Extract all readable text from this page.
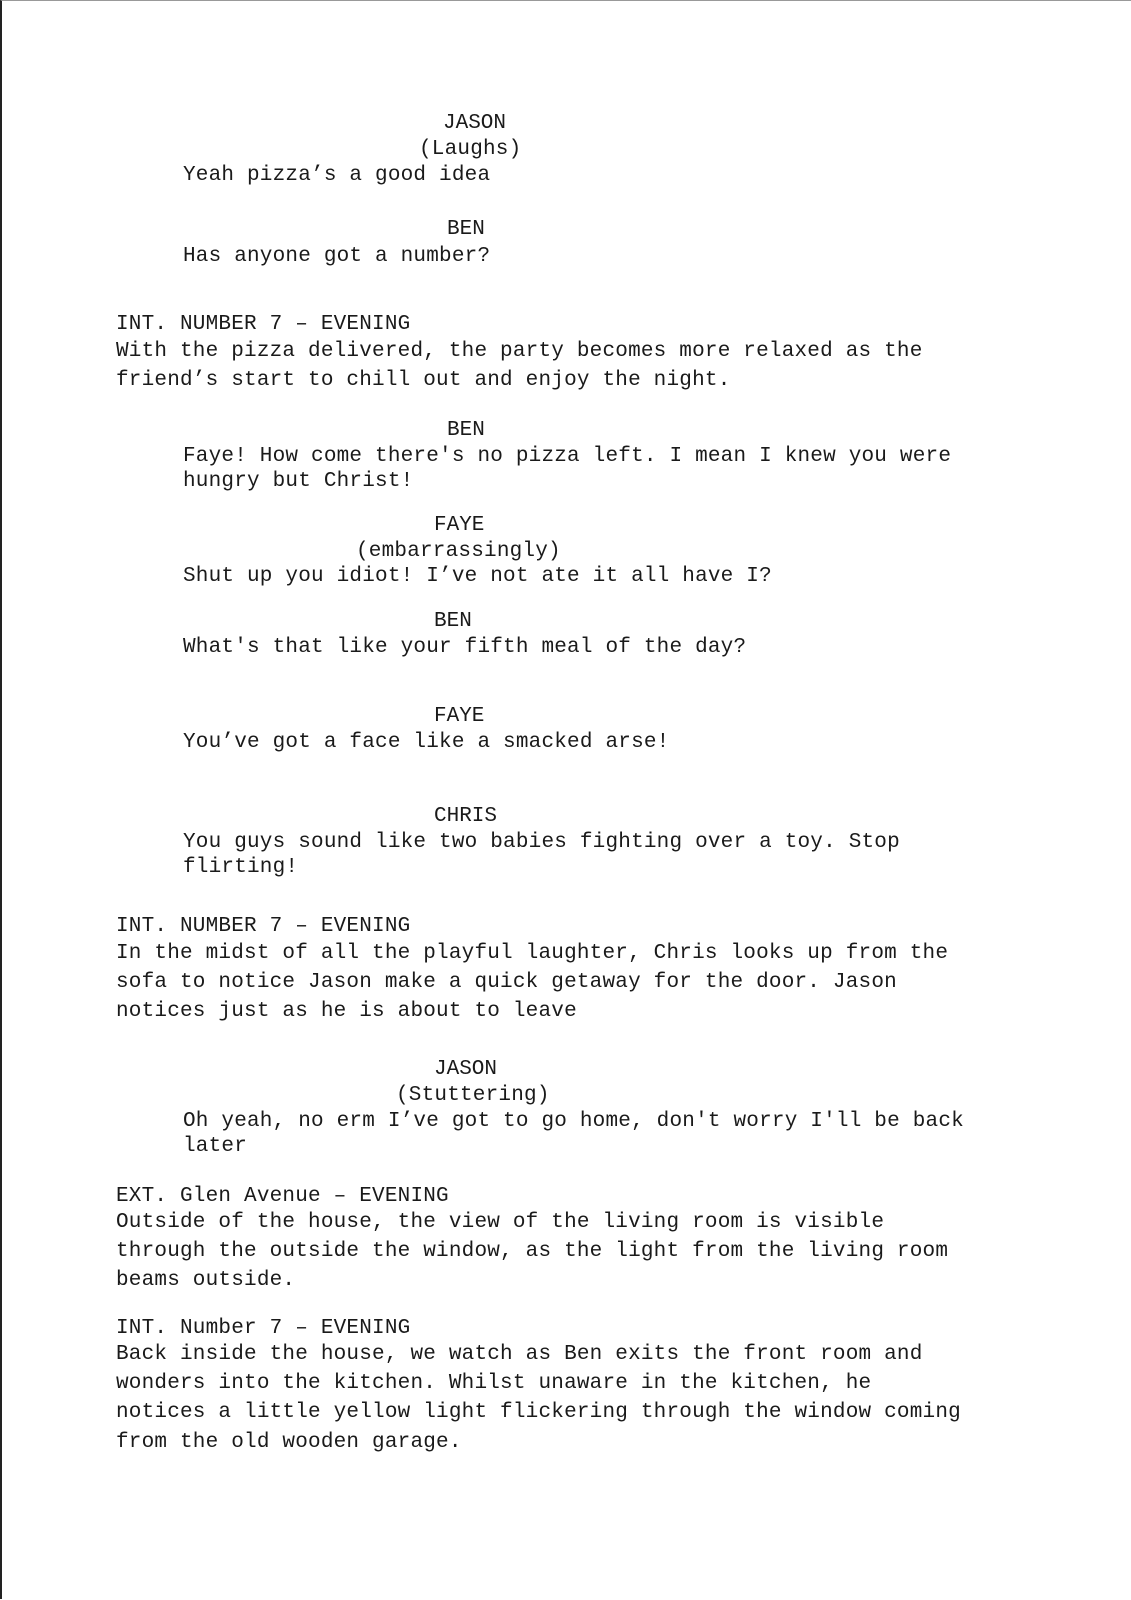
JASON

(Laughs)

Yeah pizza’s a good idea

BEN

Has anyone got a number?

INT. NUMBER 7 – EVENING

With the pizza delivered, the party becomes more relaxed as the

friend’s start to chill out and enjoy the night.

BEN

Faye! How come there's no pizza left. I mean I knew you were

hungry but Christ!

FAYE

(embarrassingly)

Shut up you idiot! I’ve not ate it all have I?

BEN

What's that like your fifth meal of the day?

FAYE

You’ve got a face like a smacked arse!

CHRIS

You guys sound like two babies fighting over a toy. Stop

flirting!

INT. NUMBER 7 – EVENING

In the midst of all the playful laughter, Chris looks up from the

sofa to notice Jason make a quick getaway for the door. Jason

notices just as he is about to leave

JASON

(Stuttering)

Oh yeah, no erm I’ve got to go home, don't worry I'll be back

later

EXT. Glen Avenue – EVENING

Outside of the house, the view of the living room is visible

through the outside the window, as the light from the living room

beams outside.

INT. Number 7 – EVENING

Back inside the house, we watch as Ben exits the front room and

wonders into the kitchen. Whilst unaware in the kitchen, he

notices a little yellow light flickering through the window coming

from the old wooden garage.
